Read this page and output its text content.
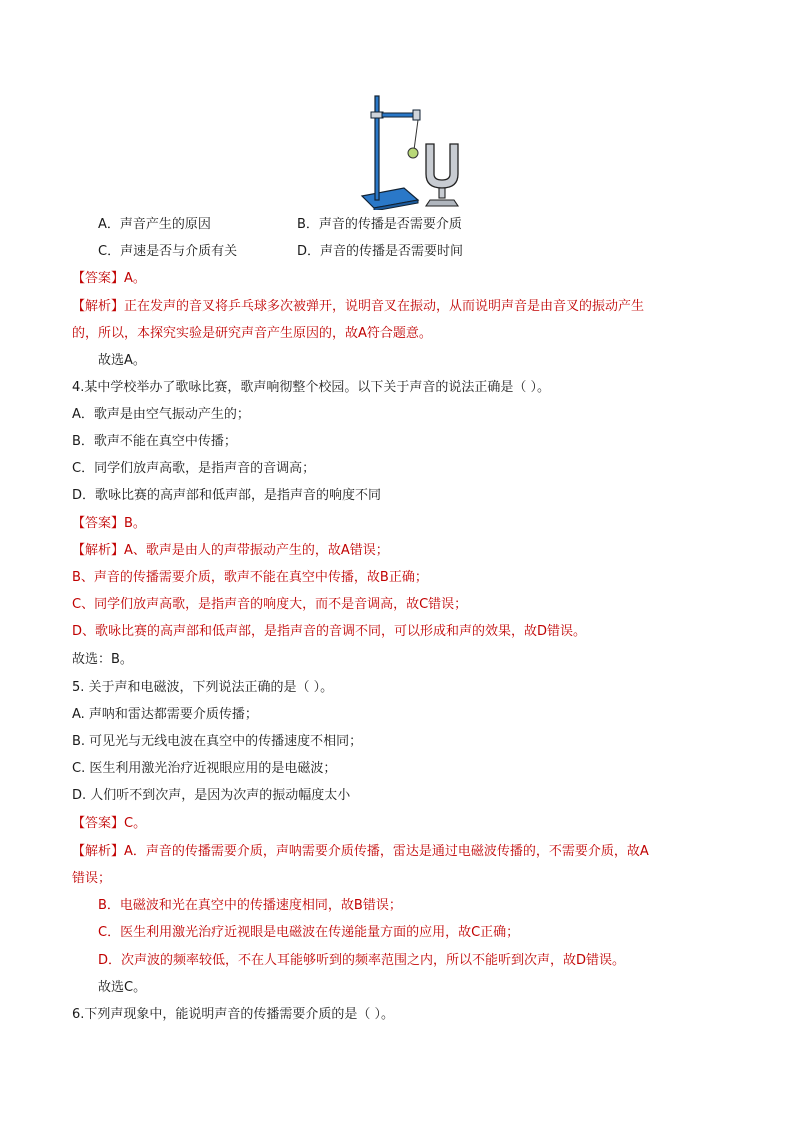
A．声音产生的原因	B．声音的传播是否需要介质
C．声速是否与介质有关	D．声音的传播是否需要时间
【答案】A。
【解析】正在发声的音叉将乒乓球多次被弹开，说明音叉在振动，从而说明声音是由音叉的振动产生
的，所以，本探究实验是研究声音产生原因的，故A符合题意。
故选A。
4.某中学校举办了歌咏比赛，歌声响彻整个校园。以下关于声音的说法正确是（ ）。
A．歌声是由空气振动产生的；
B．歌声不能在真空中传播；
C．同学们放声高歌，是指声音的音调高；
D．歌咏比赛的高声部和低声部，是指声音的响度不同
【答案】B。
【解析】A、歌声是由人的声带振动产生的，故A错误；
B、声音的传播需要介质，歌声不能在真空中传播，故B正确；
C、同学们放声高歌，是指声音的响度大，而不是音调高，故C错误；
D、歌咏比赛的高声部和低声部，是指声音的音调不同，可以形成和声的效果，故D错误。
故选：B。
5. 关于声和电磁波，下列说法正确的是（ ）。
A. 声呐和雷达都需要介质传播；
B. 可见光与无线电波在真空中的传播速度不相同；
C. 医生利用激光治疗近视眼应用的是电磁波；
D. 人们听不到次声，是因为次声的振动幅度太小
【答案】C。
【解析】A．声音的传播需要介质，声呐需要介质传播，雷达是通过电磁波传播的，不需要介质，故A
错误；
B．电磁波和光在真空中的传播速度相同，故B错误；
C．医生利用激光治疗近视眼是电磁波在传递能量方面的应用，故C正确；
D．次声波的频率较低，不在人耳能够听到的频率范围之内，所以不能听到次声，故D错误。
故选C。
6.下列声现象中，能说明声音的传播需要介质的是（ ）。
